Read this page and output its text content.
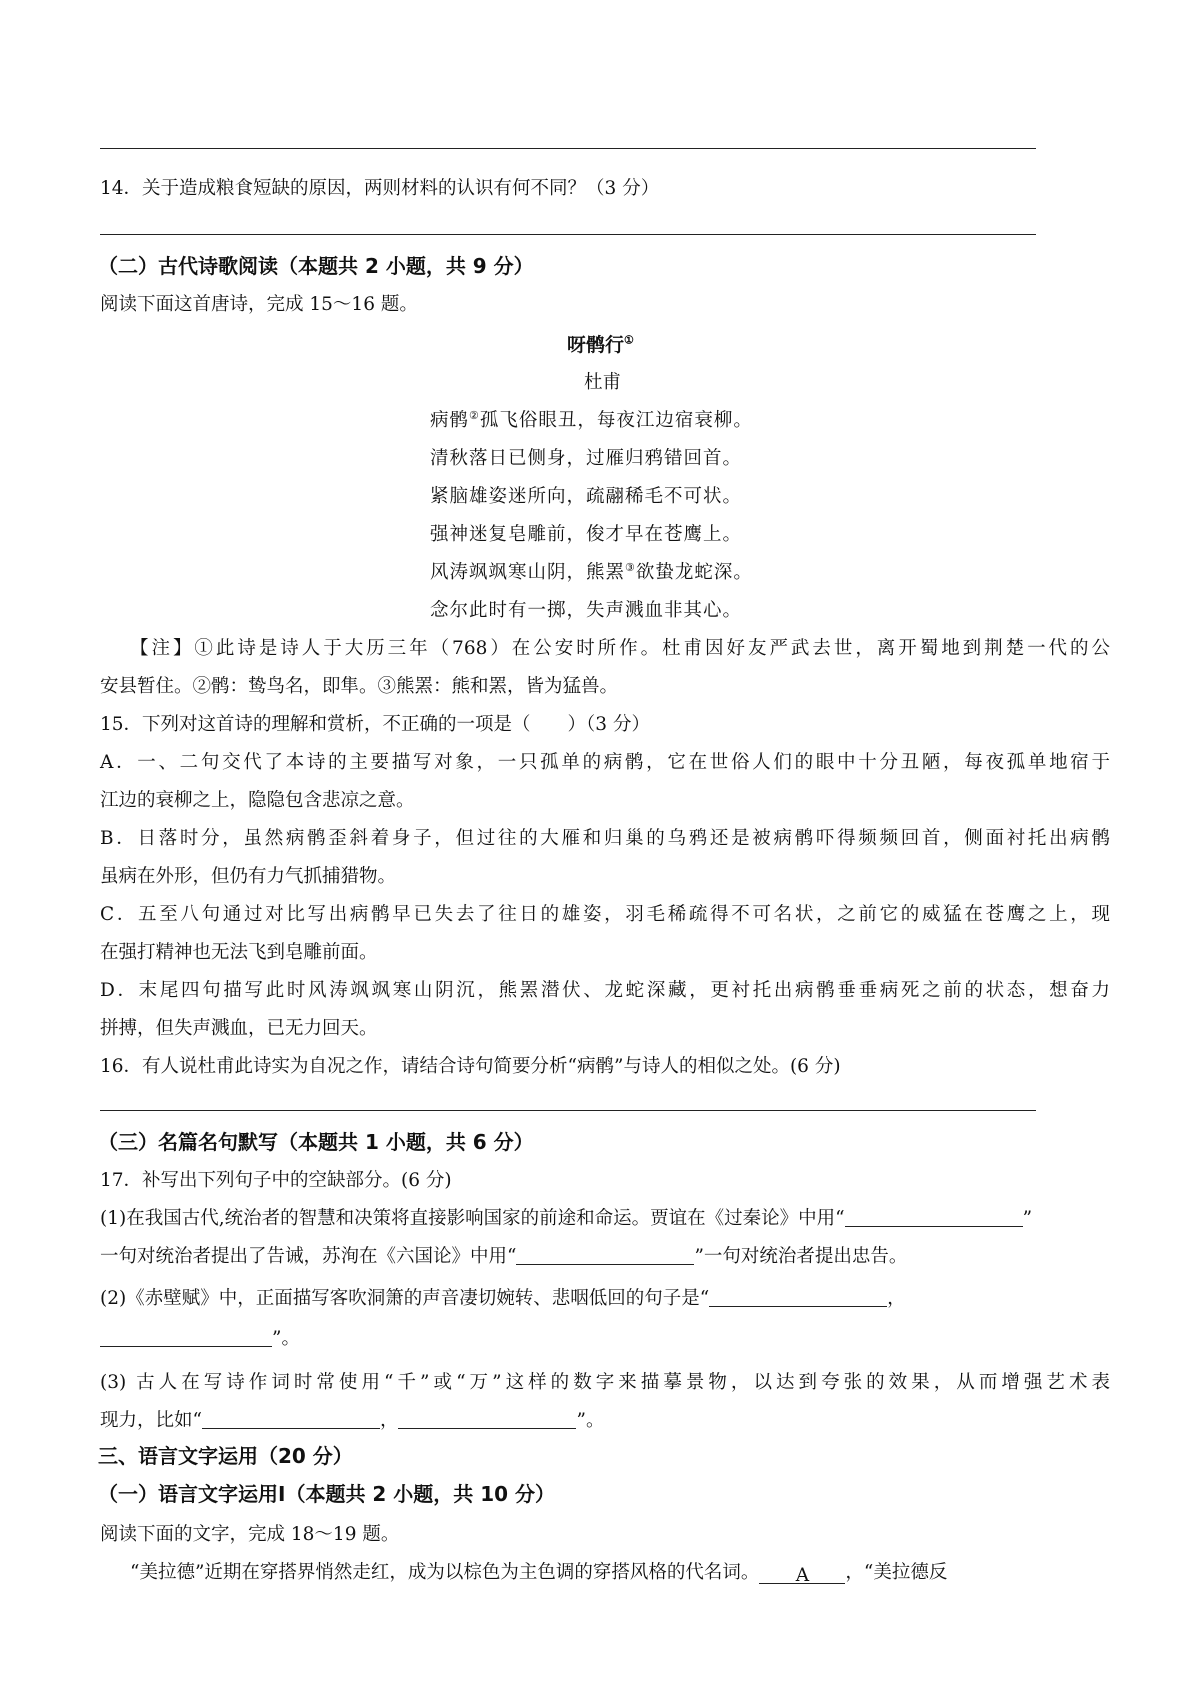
14．关于造成粮食短缺的原因，两则材料的认识有何不同？（3 分）
（二）古代诗歌阅读（本题共 2 小题，共 9 分）
阅读下面这首唐诗，完成 15～16 题。
呀鹘行①
杜甫
病鹘②孤飞俗眼丑，每夜江边宿衰柳。
清秋落日已侧身，过雁归鸦错回首。
紧脑雄姿迷所向，疏翮稀毛不可状。
强神迷复皂雕前，俊才早在苍鹰上。
风涛飒飒寒山阴，熊罴③欲蛰龙蛇深。
念尔此时有一掷，失声溅血非其心。
【注】①此诗是诗人于大历三年（768）在公安时所作。杜甫因好友严武去世，离开蜀地到荆楚一代的公
安县暂住。②鹘：鸷鸟名，即隼。③熊罴：熊和罴，皆为猛兽。
15．下列对这首诗的理解和赏析，不正确的一项是（　　）（3 分）
A．一、二句交代了本诗的主要描写对象，一只孤单的病鹘，它在世俗人们的眼中十分丑陋，每夜孤单地宿于
江边的衰柳之上，隐隐包含悲凉之意。
B．日落时分，虽然病鹘歪斜着身子，但过往的大雁和归巢的乌鸦还是被病鹘吓得频频回首，侧面衬托出病鹘
虽病在外形，但仍有力气抓捕猎物。
C．五至八句通过对比写出病鹘早已失去了往日的雄姿，羽毛稀疏得不可名状，之前它的威猛在苍鹰之上，现
在强打精神也无法飞到皂雕前面。
D．末尾四句描写此时风涛飒飒寒山阴沉，熊罴潜伏、龙蛇深藏，更衬托出病鹘垂垂病死之前的状态，想奋力
拼搏，但失声溅血，已无力回天。
16．有人说杜甫此诗实为自况之作，请结合诗句简要分析“病鹘”与诗人的相似之处。(6 分)
（三）名篇名句默写（本题共 1 小题，共 6 分）
17．补写出下列句子中的空缺部分。(6 分)
(1)在我国古代,统治者的智慧和决策将直接影响国家的前途和命运。贾谊在《过秦论》中用“	”
一句对统治者提出了告诫，苏洵在《六国论》中用“	”一句对统治者提出忠告。
(2)《赤壁赋》中，正面描写客吹洞箫的声音凄切婉转、悲咽低回的句子是“	，
”。
(3) 古人在写诗作词时常使用“千”或“万”这样的数字来描摹景物，以达到夸张的效果，从而增强艺术表
现力，比如“	，	”。
三、语言文字运用（20 分）
（一）语言文字运用Ⅰ（本题共 2 小题，共 10 分）
阅读下面的文字，完成 18～19 题。
“美拉德”近期在穿搭界悄然走红，成为以棕色为主色调的穿搭风格的代名词。 A ，“美拉德反
